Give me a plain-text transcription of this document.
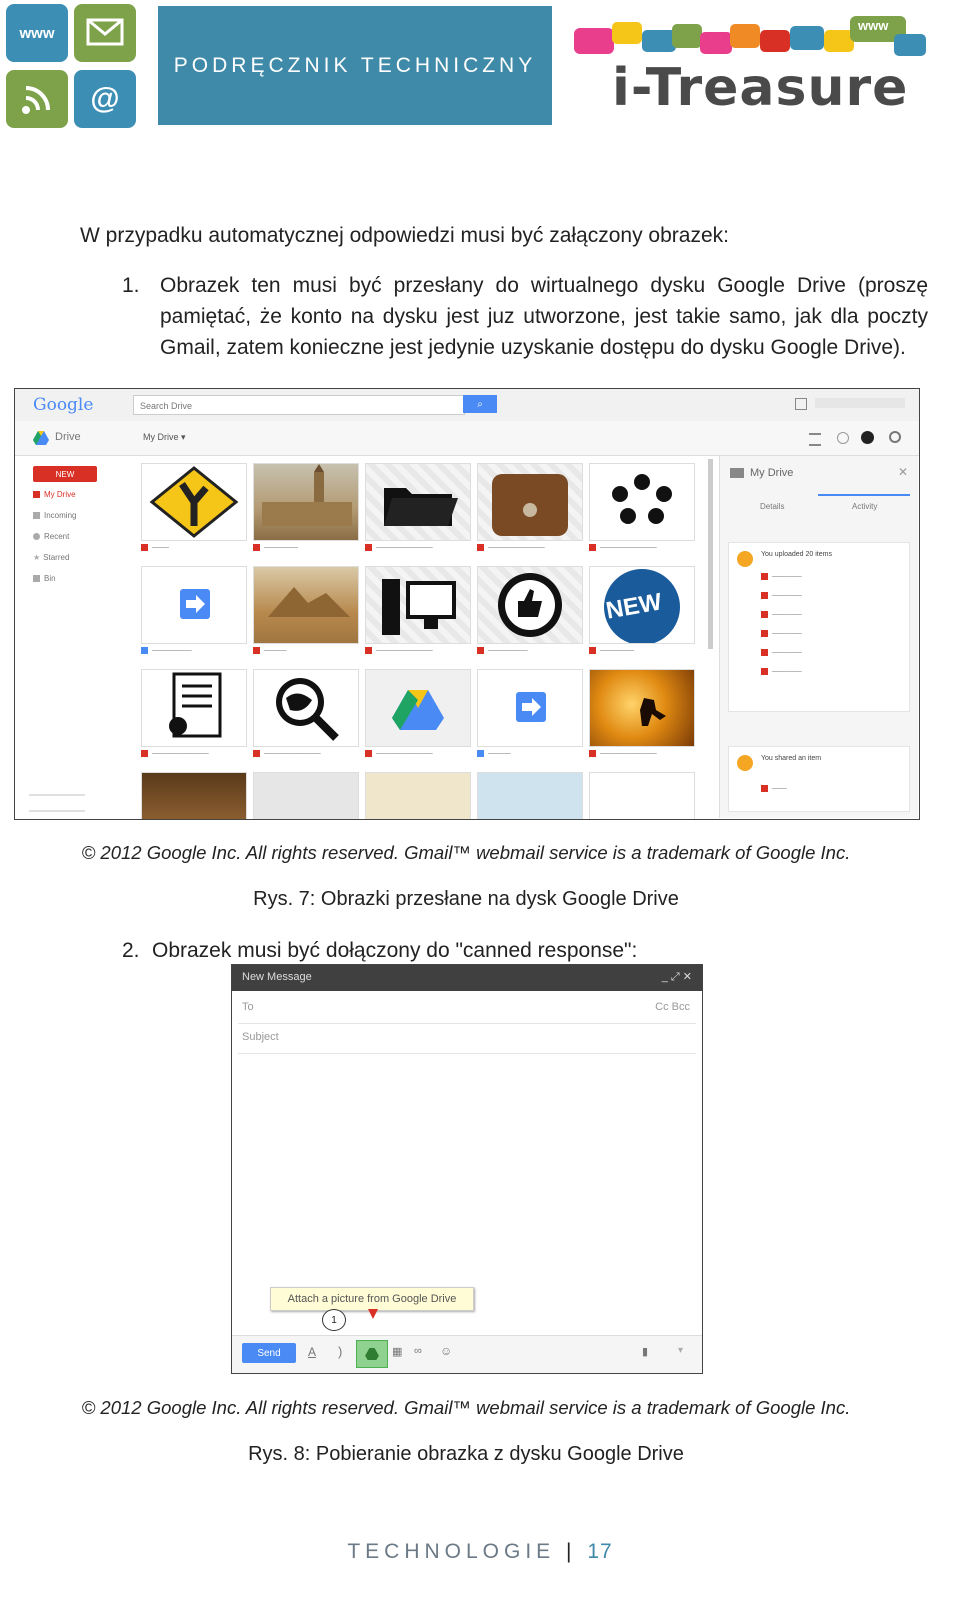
www
@
PODRĘCZNIK TECHNICZNY
www
i-Treasure

W przypadku automatycznej odpowiedzi musi być załączony obrazek:

1. Obrazek ten musi być przesłany do wirtualnego dysku Google Drive (proszę pamiętać, że konto na dysku jest juz utworzone, jest takie samo, jak dla poczty Gmail, zatem konieczne jest jedynie uzyskanie dostępu do dysku Google Drive).

Google	Search Drive	⌕
Drive	My Drive ▾
NEW
My Drive
Incoming
Recent
★ Starred
Bin
───	──────	──────────	──────────	──────────
NEW
───────	────	──────────	───────	──────
──────────	──────────	──────────	────	──────────
My Drive	✕
Details	Activity
You uploaded 20 items
──────
──────
──────
──────
──────
──────
You shared an item
───

© 2012 Google Inc. All rights reserved. Gmail™ webmail service is a trademark of Google Inc.

Rys. 7: Obrazki przesłane na dysk Google Drive

2. Obrazek musi być dołączony do "canned response":

New Message	_ ⤢ ✕
To	Cc Bcc
Subject
Attach a picture from Google Drive
1
Send A )	▦ ∞ ☺	▮	▾

© 2012 Google Inc. All rights reserved. Gmail™ webmail service is a trademark of Google Inc.

Rys. 8: Pobieranie obrazka z dysku Google Drive

TECHNOLOGIE | 17
